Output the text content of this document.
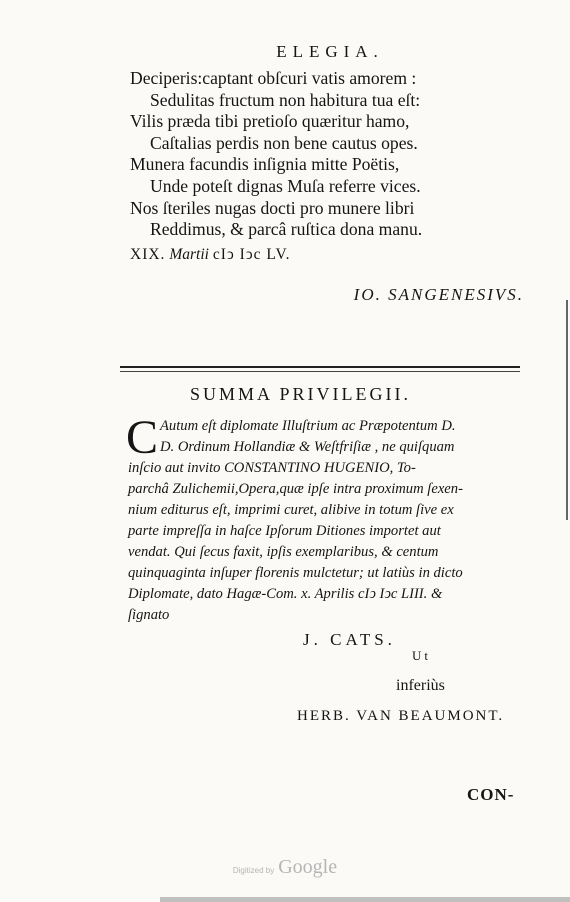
ELEGIA.
Deciperis:captant obſcuri vatis amorem :
Sedulitas fructum non habitura tua eſt:
Vilis præda tibi pretioſo quæritur hamo,
Caſtalias perdis non bene cautus opes.
Munera facundis inſignia mitte Poëtis,
Unde poteſt dignas Muſa referre vices.
Nos ſteriles nugas docti pro munere libri
Reddimus, & parcâ ruſtica dona manu.
XIX. Martii cIↄ Iↄc LV.
IO. SANGENESIVS.
SUMMA PRIVILEGII.
C Autum eſt diplomate Illuſtrium ac Præpotentum D.
D. Ordinum Hollandiæ & Weſtfriſiæ , ne quiſquam
inſcio aut invito CONSTANTINO HUGENIO, To-
parchâ Zulichemii,Opera,quæ ipſe intra proximum ſexen-
nium editurus eſt, imprimi curet, alibive in totum ſive ex
parte impreſſa in haſce Ipſorum Ditiones importet aut
vendat. Qui ſecus faxit, ipſis exemplaribus, & centum
quinquaginta inſuper florenis mulctetur; ut latiùs in dicto
Diplomate, dato Hagæ-Com. x. Aprilis cIↄ Iↄc LIII. &
ſignato
J. CATS.
Ut
inferiùs
HERB. VAN BEAUMONT.
CON-
Digitized by Google
